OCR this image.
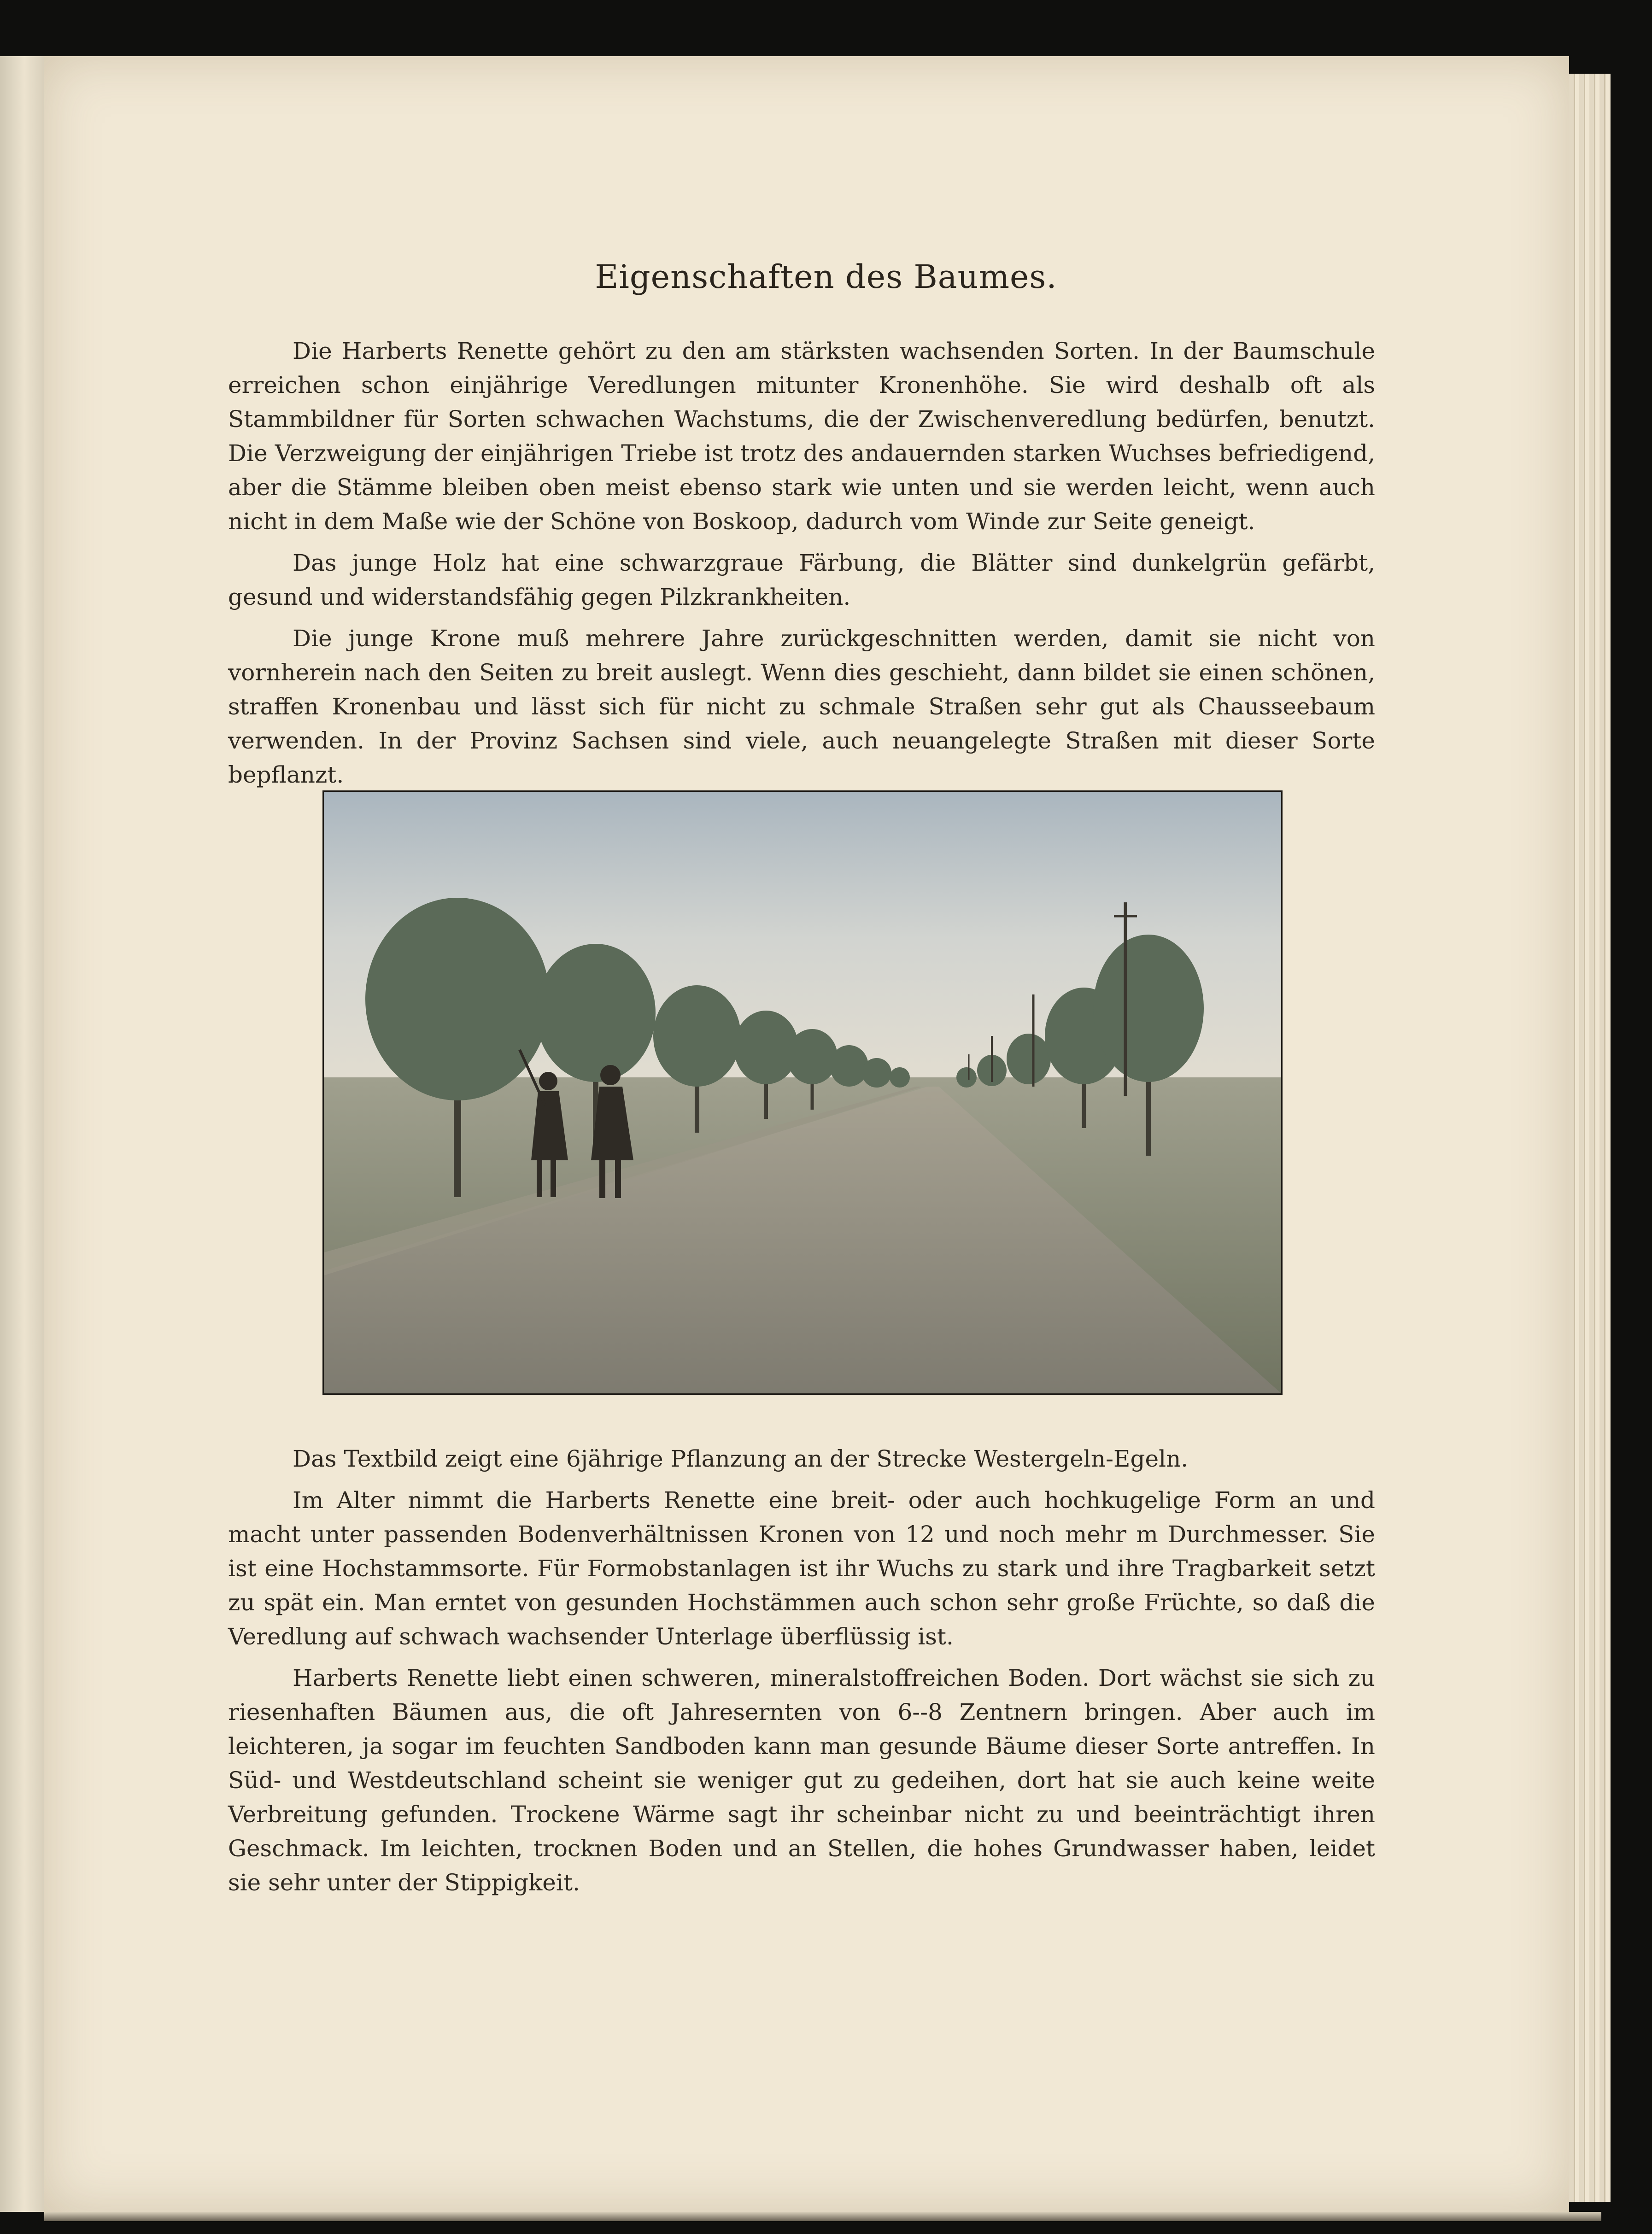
Eigenschaften des Baumes.

Die Harberts Renette gehört zu den am stärksten wachsenden Sorten. In der Baumschule erreichen schon einjährige Veredlungen mitunter Kronenhöhe. Sie wird deshalb oft als Stammbildner für Sorten schwachen Wachstums, die der Zwischenveredlung bedürfen, benutzt. Die Verzweigung der einjährigen Triebe ist trotz des andauernden starken Wuchses befriedigend, aber die Stämme bleiben oben meist ebenso stark wie unten und sie werden leicht, wenn auch nicht in dem Maße wie der Schöne von Boskoop, dadurch vom Winde zur Seite geneigt.

Das junge Holz hat eine schwarzgraue Färbung, die Blätter sind dunkelgrün gefärbt, gesund und widerstandsfähig gegen Pilzkrankheiten.

Die junge Krone muß mehrere Jahre zurückgeschnitten werden, damit sie nicht von vornherein nach den Seiten zu breit auslegt. Wenn dies geschieht, dann bildet sie einen schönen, straffen Kronenbau und lässt sich für nicht zu schmale Straßen sehr gut als Chausseebaum verwenden. In der Provinz Sachsen sind viele, auch neuangelegte Straßen mit dieser Sorte bepflanzt.

Das Textbild zeigt eine 6jährige Pflanzung an der Strecke Westergeln-Egeln.

Im Alter nimmt die Harberts Renette eine breit- oder auch hochkugelige Form an und macht unter passenden Bodenverhältnissen Kronen von 12 und noch mehr m Durchmesser. Sie ist eine Hochstammsorte. Für Formobstanlagen ist ihr Wuchs zu stark und ihre Tragbarkeit setzt zu spät ein. Man erntet von gesunden Hochstämmen auch schon sehr große Früchte, so daß die Veredlung auf schwach wachsender Unterlage überflüssig ist.

Harberts Renette liebt einen schweren, mineralstoffreichen Boden. Dort wächst sie sich zu riesenhaften Bäumen aus, die oft Jahresernten von 6--8 Zentnern bringen. Aber auch im leichteren, ja sogar im feuchten Sandboden kann man gesunde Bäume dieser Sorte antreffen. In Süd- und Westdeutschland scheint sie weniger gut zu gedeihen, dort hat sie auch keine weite Verbreitung gefunden. Trockene Wärme sagt ihr scheinbar nicht zu und beeinträchtigt ihren Geschmack. Im leichten, trocknen Boden und an Stellen, die hohes Grundwasser haben, leidet sie sehr unter der Stippigkeit.
